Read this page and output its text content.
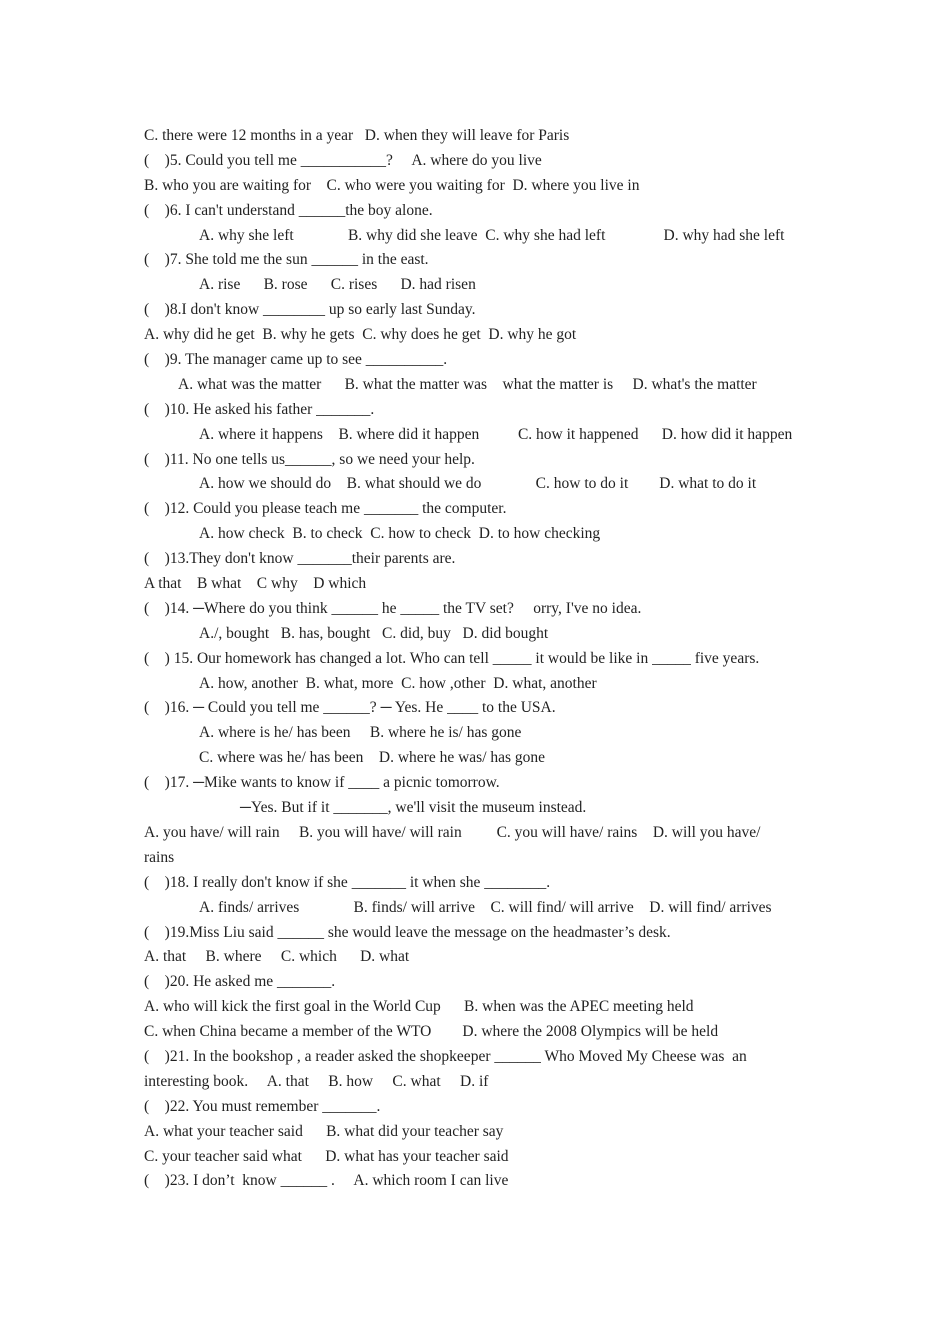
C. there were 12 months in a year   D. when they will leave for Paris
(    )5. Could you tell me ___________?     A. where do you live
B. who you are waiting for    C. who were you waiting for  D. where you live in
(    )6. I can't understand ______the boy alone.
A. why she left              B. why did she leave  C. why she had left               D. why had she left
(    )7. She told me the sun ______ in the east.
A. rise      B. rose      C. rises      D. had risen
(    )8.I don't know ________ up so early last Sunday.
A. why did he get  B. why he gets  C. why does he get  D. why he got
(    )9. The manager came up to see __________.
A. what was the matter      B. what the matter was    what the matter is     D. what's the matter
(    )10. He asked his father _______.
A. where it happens    B. where did it happen          C. how it happened      D. how did it happen
(    )11. No one tells us______, so we need your help.
A. how we should do    B. what should we do              C. how to do it        D. what to do it
(    )12. Could you please teach me _______ the computer.
A. how check  B. to check  C. how to check  D. to how checking
(    )13.They don't know _______their parents are.
A that    B what    C why    D which
(    )14. ─Where do you think ______ he _____ the TV set?     orry, I've no idea.
A./, bought   B. has, bought   C. did, buy   D. did bought
(    ) 15. Our homework has changed a lot. Who can tell _____ it would be like in _____ five years.
A. how, another  B. what, more  C. how ,other  D. what, another
(    )16. ─ Could you tell me ______? ─ Yes. He ____ to the USA.
A. where is he/ has been     B. where he is/ has gone
C. where was he/ has been    D. where he was/ has gone
(    )17. ─Mike wants to know if ____ a picnic tomorrow.
─Yes. But if it _______, we'll visit the museum instead.
A. you have/ will rain     B. you will have/ will rain         C. you will have/ rains    D. will you have/
rains
(    )18. I really don't know if she _______ it when she ________.
A. finds/ arrives              B. finds/ will arrive    C. will find/ will arrive    D. will find/ arrives
(    )19.Miss Liu said ______ she would leave the message on the headmaster’s desk.
A. that     B. where     C. which      D. what
(    )20. He asked me _______.
A. who will kick the first goal in the World Cup      B. when was the APEC meeting held
C. when China became a member of the WTO        D. where the 2008 Olympics will be held
(    )21. In the bookshop , a reader asked the shopkeeper ______ Who Moved My Cheese was  an
interesting book.     A. that     B. how     C. what     D. if
(    )22. You must remember _______.
A. what your teacher said      B. what did your teacher say
C. your teacher said what      D. what has your teacher said
(    )23. I don’t  know ______ .     A. which room I can live
